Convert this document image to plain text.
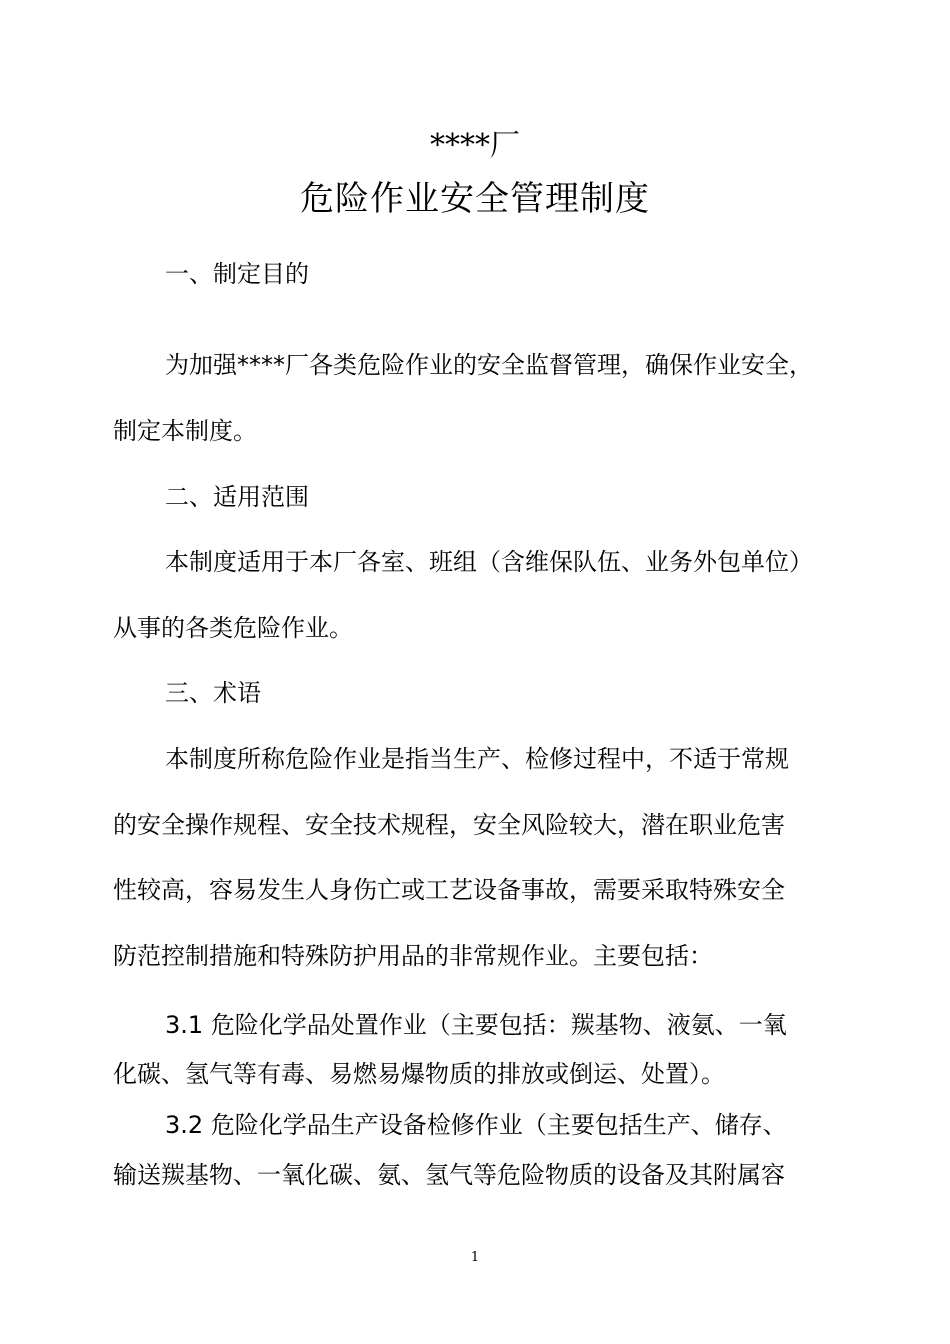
****厂
危险作业安全管理制度
一、制定目的
为加强****厂各类危险作业的安全监督管理，确保作业安全，
制定本制度。
二、适用范围
本制度适用于本厂各室、班组（含维保队伍、业务外包单位）
从事的各类危险作业。
三、术语
本制度所称危险作业是指当生产、检修过程中，不适于常规
的安全操作规程、安全技术规程，安全风险较大，潜在职业危害
性较高，容易发生人身伤亡或工艺设备事故，需要采取特殊安全
防范控制措施和特殊防护用品的非常规作业。主要包括：
3.1 危险化学品处置作业（主要包括：羰基物、液氨、一氧
化碳、氢气等有毒、易燃易爆物质的排放或倒运、处置）。
3.2 危险化学品生产设备检修作业（主要包括生产、储存、
输送羰基物、一氧化碳、氨、氢气等危险物质的设备及其附属容
1
